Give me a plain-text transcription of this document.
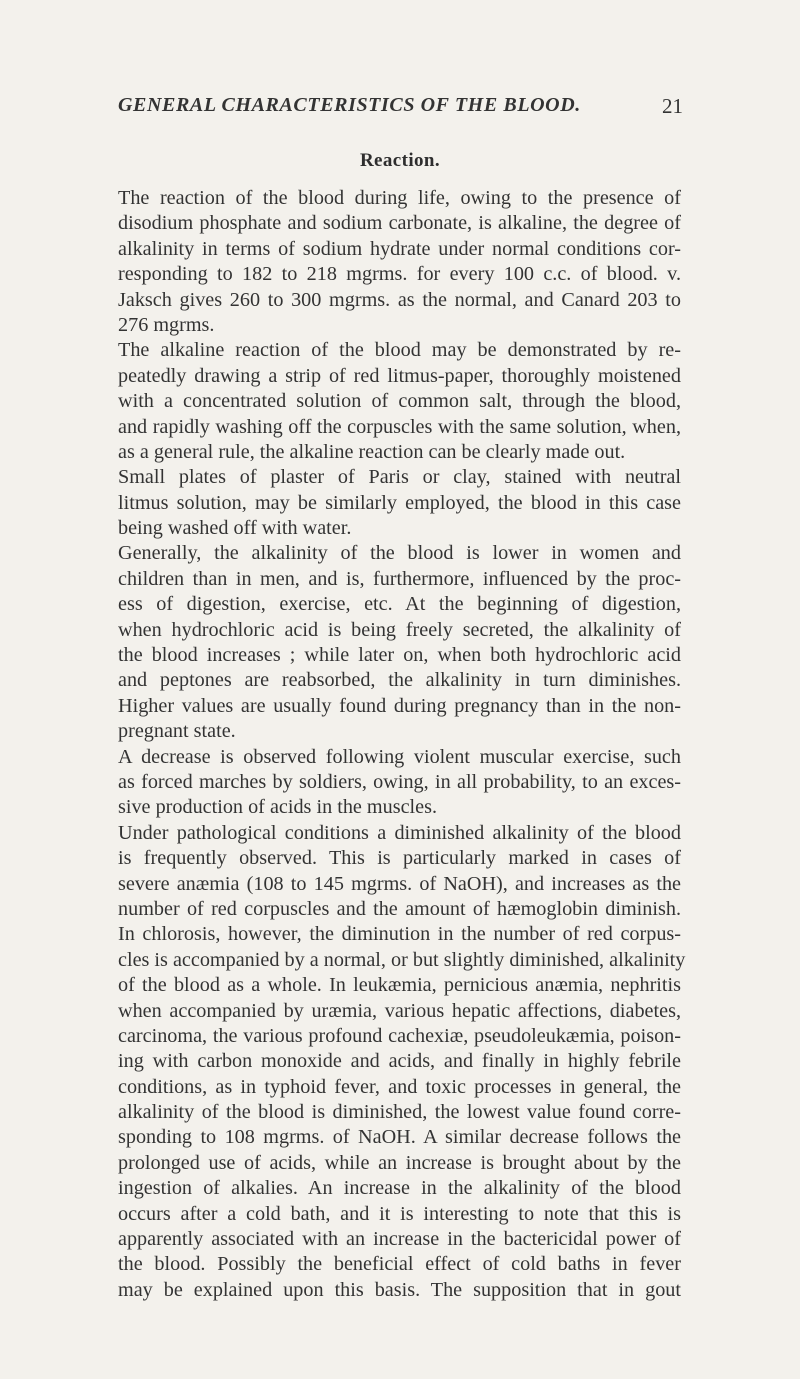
GENERAL CHARACTERISTICS OF THE BLOOD.	21
Reaction.
The reaction of the blood during life, owing to the presence of
disodium phosphate and sodium carbonate, is alkaline, the degree of
alkalinity in terms of sodium hydrate under normal conditions cor-
responding to 182 to 218 mgrms. for every 100 c.c. of blood. v.
Jaksch gives 260 to 300 mgrms. as the normal, and Canard 203 to
276 mgrms.
The alkaline reaction of the blood may be demonstrated by re-
peatedly drawing a strip of red litmus-paper, thoroughly moistened
with a concentrated solution of common salt, through the blood,
and rapidly washing off the corpuscles with the same solution, when,
as a general rule, the alkaline reaction can be clearly made out.
Small plates of plaster of Paris or clay, stained with neutral
litmus solution, may be similarly employed, the blood in this case
being washed off with water.
Generally, the alkalinity of the blood is lower in women and
children than in men, and is, furthermore, influenced by the proc-
ess of digestion, exercise, etc. At the beginning of digestion,
when hydrochloric acid is being freely secreted, the alkalinity of
the blood increases ; while later on, when both hydrochloric acid
and peptones are reabsorbed, the alkalinity in turn diminishes.
Higher values are usually found during pregnancy than in the non-
pregnant state.
A decrease is observed following violent muscular exercise, such
as forced marches by soldiers, owing, in all probability, to an exces-
sive production of acids in the muscles.
Under pathological conditions a diminished alkalinity of the blood
is frequently observed. This is particularly marked in cases of
severe anæmia (108 to 145 mgrms. of NaOH), and increases as the
number of red corpuscles and the amount of hæmoglobin diminish.
In chlorosis, however, the diminution in the number of red corpus-
cles is accompanied by a normal, or but slightly diminished, alkalinity
of the blood as a whole. In leukæmia, pernicious anæmia, nephritis
when accompanied by uræmia, various hepatic affections, diabetes,
carcinoma, the various profound cachexiæ, pseudoleukæmia, poison-
ing with carbon monoxide and acids, and finally in highly febrile
conditions, as in typhoid fever, and toxic processes in general, the
alkalinity of the blood is diminished, the lowest value found corre-
sponding to 108 mgrms. of NaOH. A similar decrease follows the
prolonged use of acids, while an increase is brought about by the
ingestion of alkalies. An increase in the alkalinity of the blood
occurs after a cold bath, and it is interesting to note that this is
apparently associated with an increase in the bactericidal power of
the blood. Possibly the beneficial effect of cold baths in fever
may be explained upon this basis. The supposition that in gout
